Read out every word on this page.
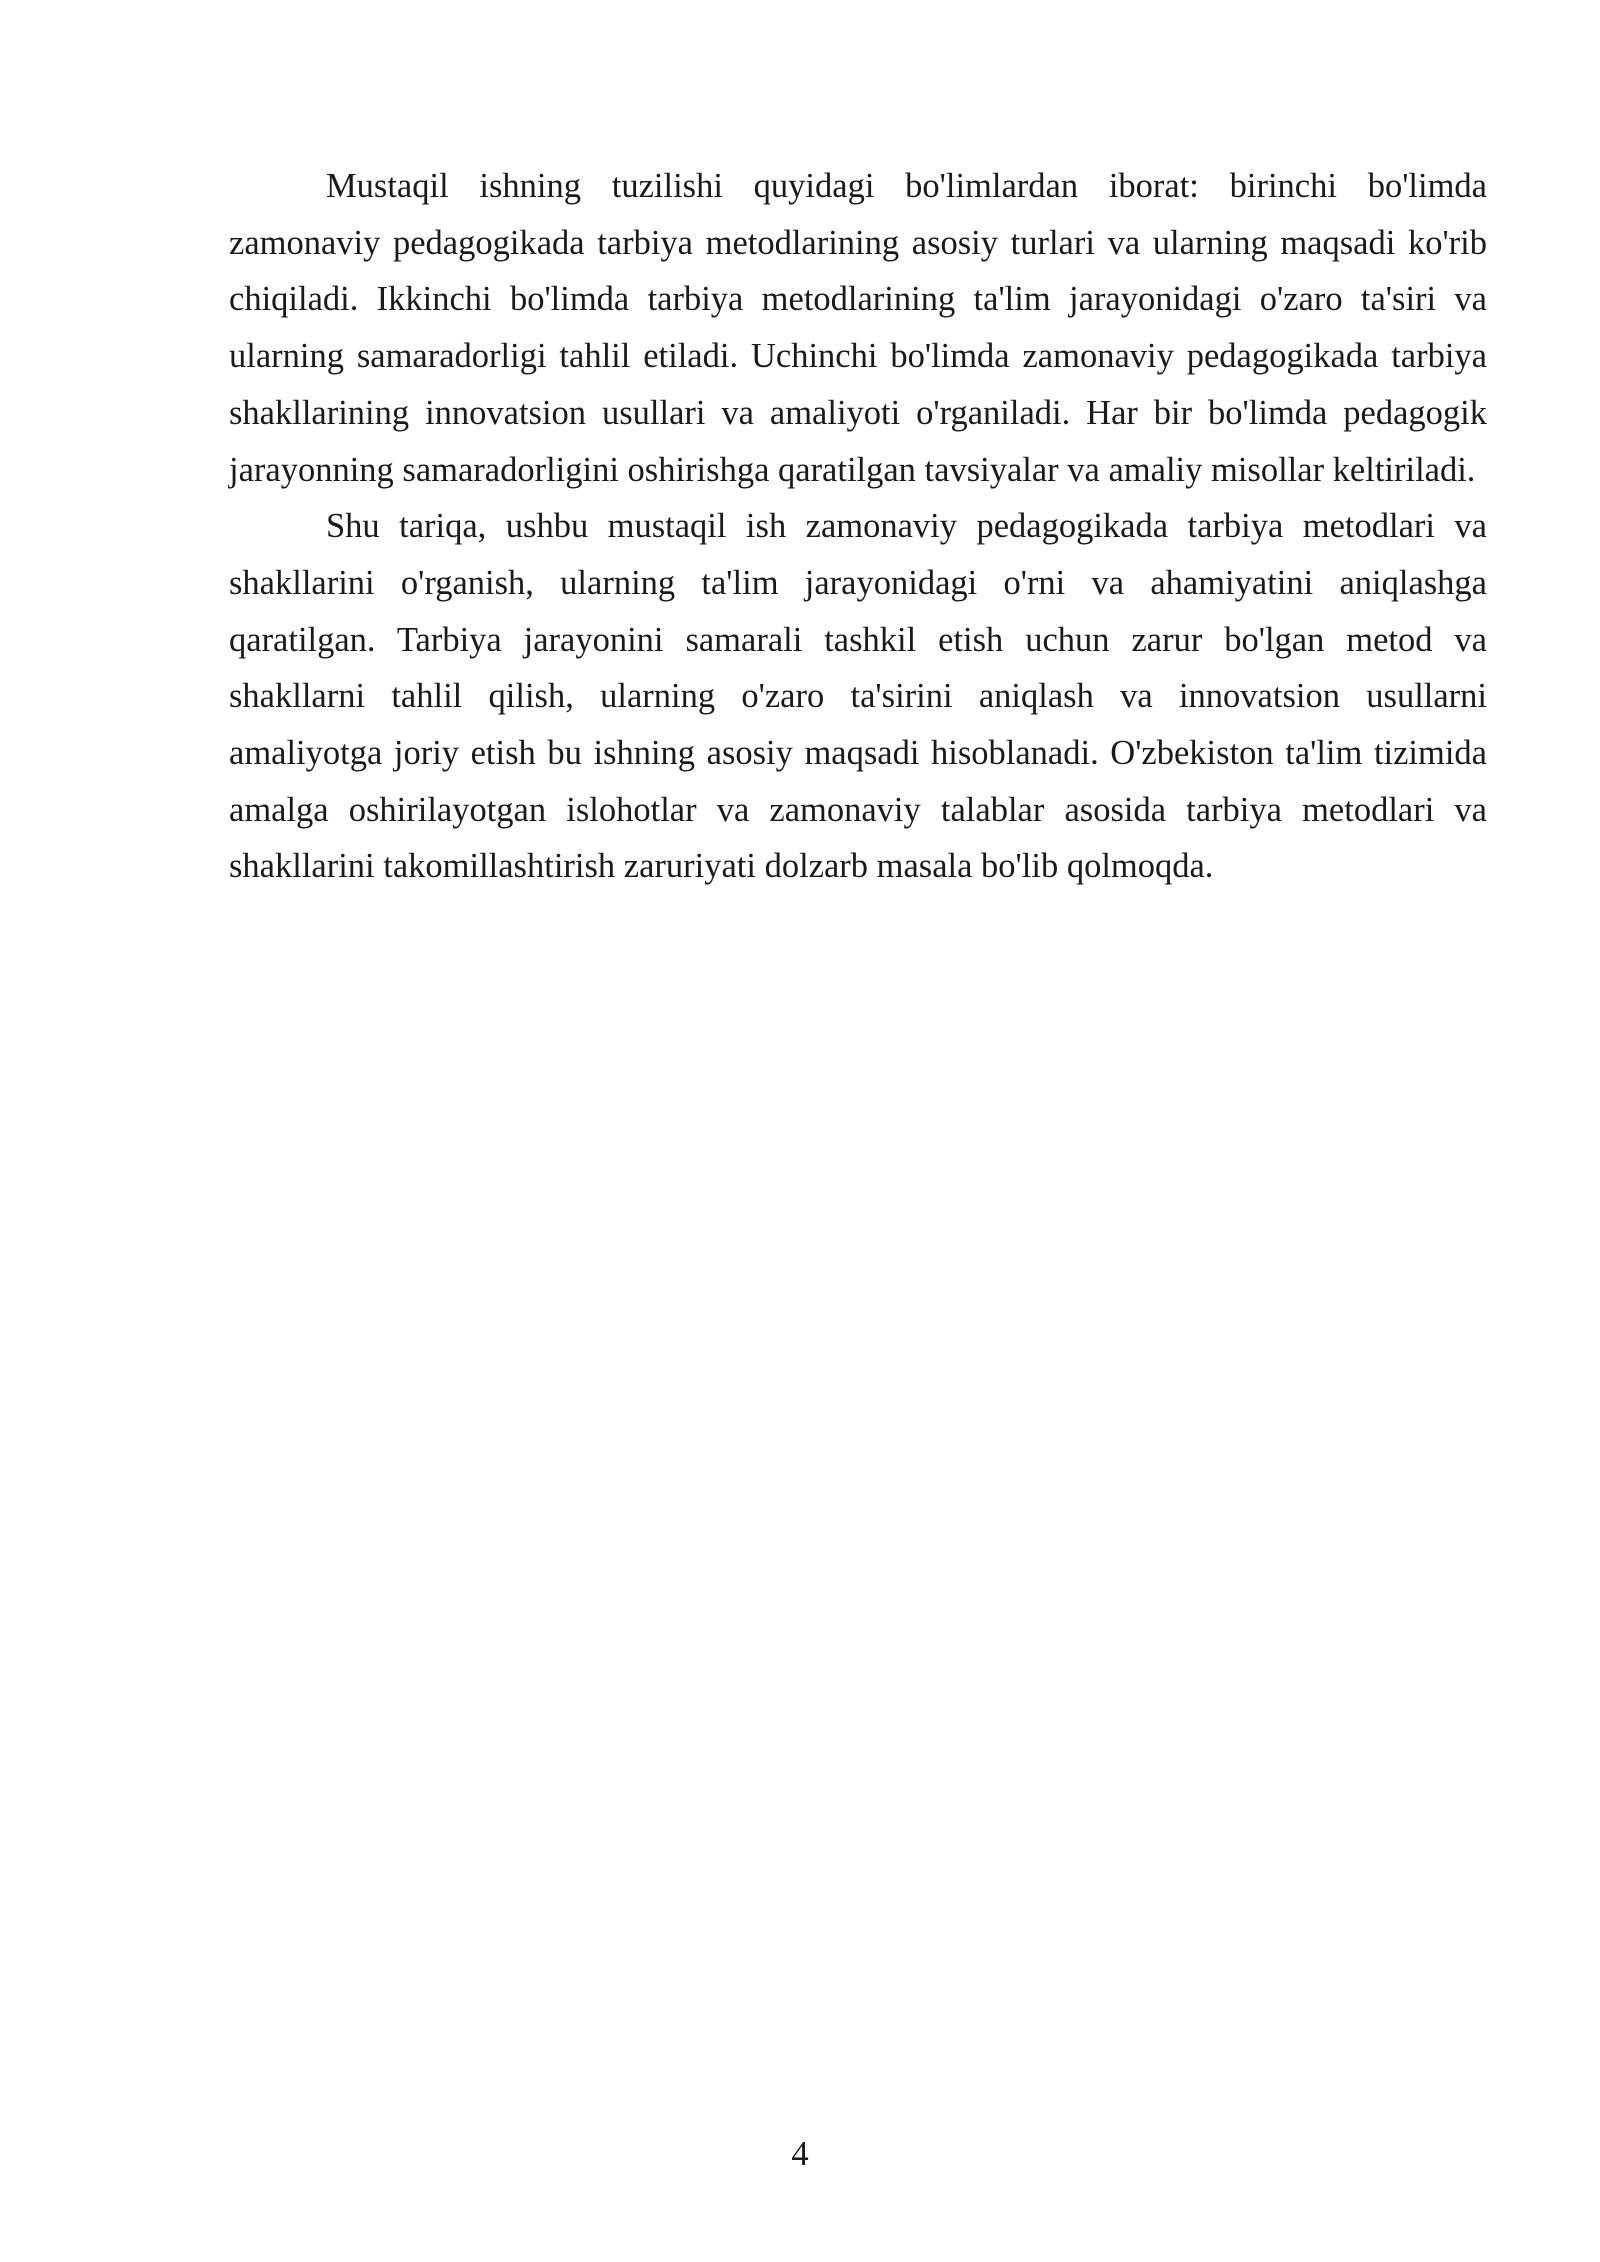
Mustaqil ishning tuzilishi quyidagi bo'limlardan iborat: birinchi bo'limda zamonaviy pedagogikada tarbiya metodlarining asosiy turlari va ularning maqsadi ko'rib chiqiladi. Ikkinchi bo'limda tarbiya metodlarining ta'lim jarayonidagi o'zaro ta'siri va ularning samaradorligi tahlil etiladi. Uchinchi bo'limda zamonaviy pedagogikada tarbiya shakllarining innovatsion usullari va amaliyoti o'rganiladi. Har bir bo'limda pedagogik jarayonning samaradorligini oshirishga qaratilgan tavsiyalar va amaliy misollar keltiriladi.

Shu tariqa, ushbu mustaqil ish zamonaviy pedagogikada tarbiya metodlari va shakllarini o'rganish, ularning ta'lim jarayonidagi o'rni va ahamiyatini aniqlashga qaratilgan. Tarbiya jarayonini samarali tashkil etish uchun zarur bo'lgan metod va shakllarni tahlil qilish, ularning o'zaro ta'sirini aniqlash va innovatsion usullarni amaliyotga joriy etish bu ishning asosiy maqsadi hisoblanadi. O'zbekiston ta'lim tizimida amalga oshirilayotgan islohotlar va zamonaviy talablar asosida tarbiya metodlari va shakllarini takomillashtirish zaruriyati dolzarb masala bo'lib qolmoqda.

4
